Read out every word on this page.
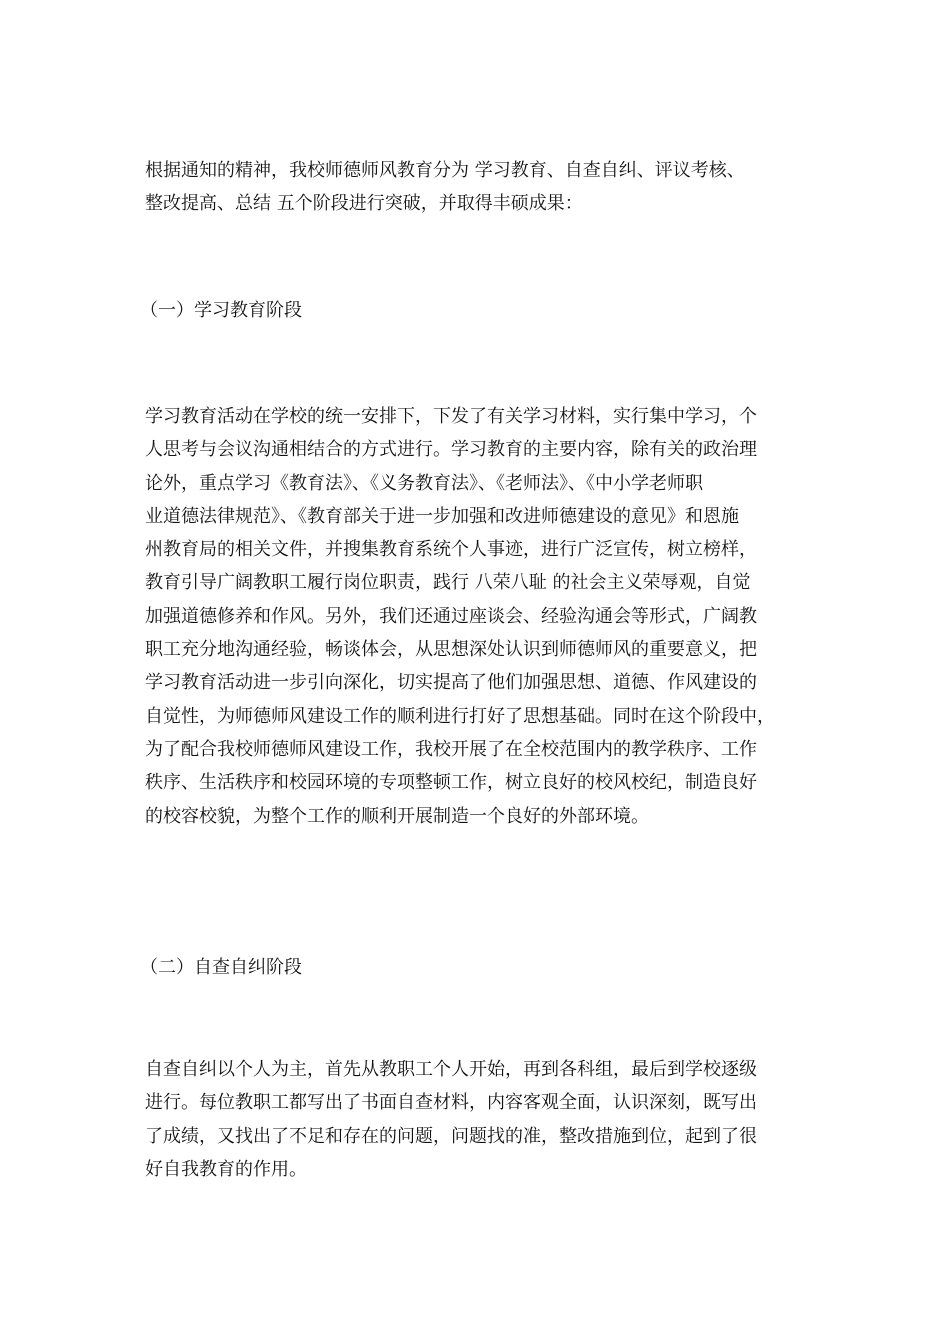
根据通知的精神，我校师德师风教育分为 学习教育、自查自纠、评议考核、
整改提高、总结 五个阶段进行突破，并取得丰硕成果：
（一）学习教育阶段
学习教育活动在学校的统一安排下，下发了有关学习材料，实行集中学习，个
人思考与会议沟通相结合的方式进行。学习教育的主要内容，除有关的政治理
论外，重点学习《教育法》、《义务教育法》、《老师法》、《中小学老师职
业道德法律规范》、《教育部关于进一步加强和改进师德建设的意见》和恩施
州教育局的相关文件，并搜集教育系统个人事迹，进行广泛宣传，树立榜样，
教育引导广阔教职工履行岗位职责，践行 八荣八耻 的社会主义荣辱观，自觉
加强道德修养和作风。另外，我们还通过座谈会、经验沟通会等形式，广阔教
职工充分地沟通经验，畅谈体会，从思想深处认识到师德师风的重要意义，把
学习教育活动进一步引向深化，切实提高了他们加强思想、道德、作风建设的
自觉性，为师德师风建设工作的顺利进行打好了思想基础。同时在这个阶段中，
为了配合我校师德师风建设工作，我校开展了在全校范围内的教学秩序、工作
秩序、生活秩序和校园环境的专项整顿工作，树立良好的校风校纪，制造良好
的校容校貌，为整个工作的顺利开展制造一个良好的外部环境。
（二）自查自纠阶段
自查自纠以个人为主，首先从教职工个人开始，再到各科组，最后到学校逐级
进行。每位教职工都写出了书面自查材料，内容客观全面，认识深刻，既写出
了成绩，又找出了不足和存在的问题，问题找的准，整改措施到位，起到了很
好自我教育的作用。
